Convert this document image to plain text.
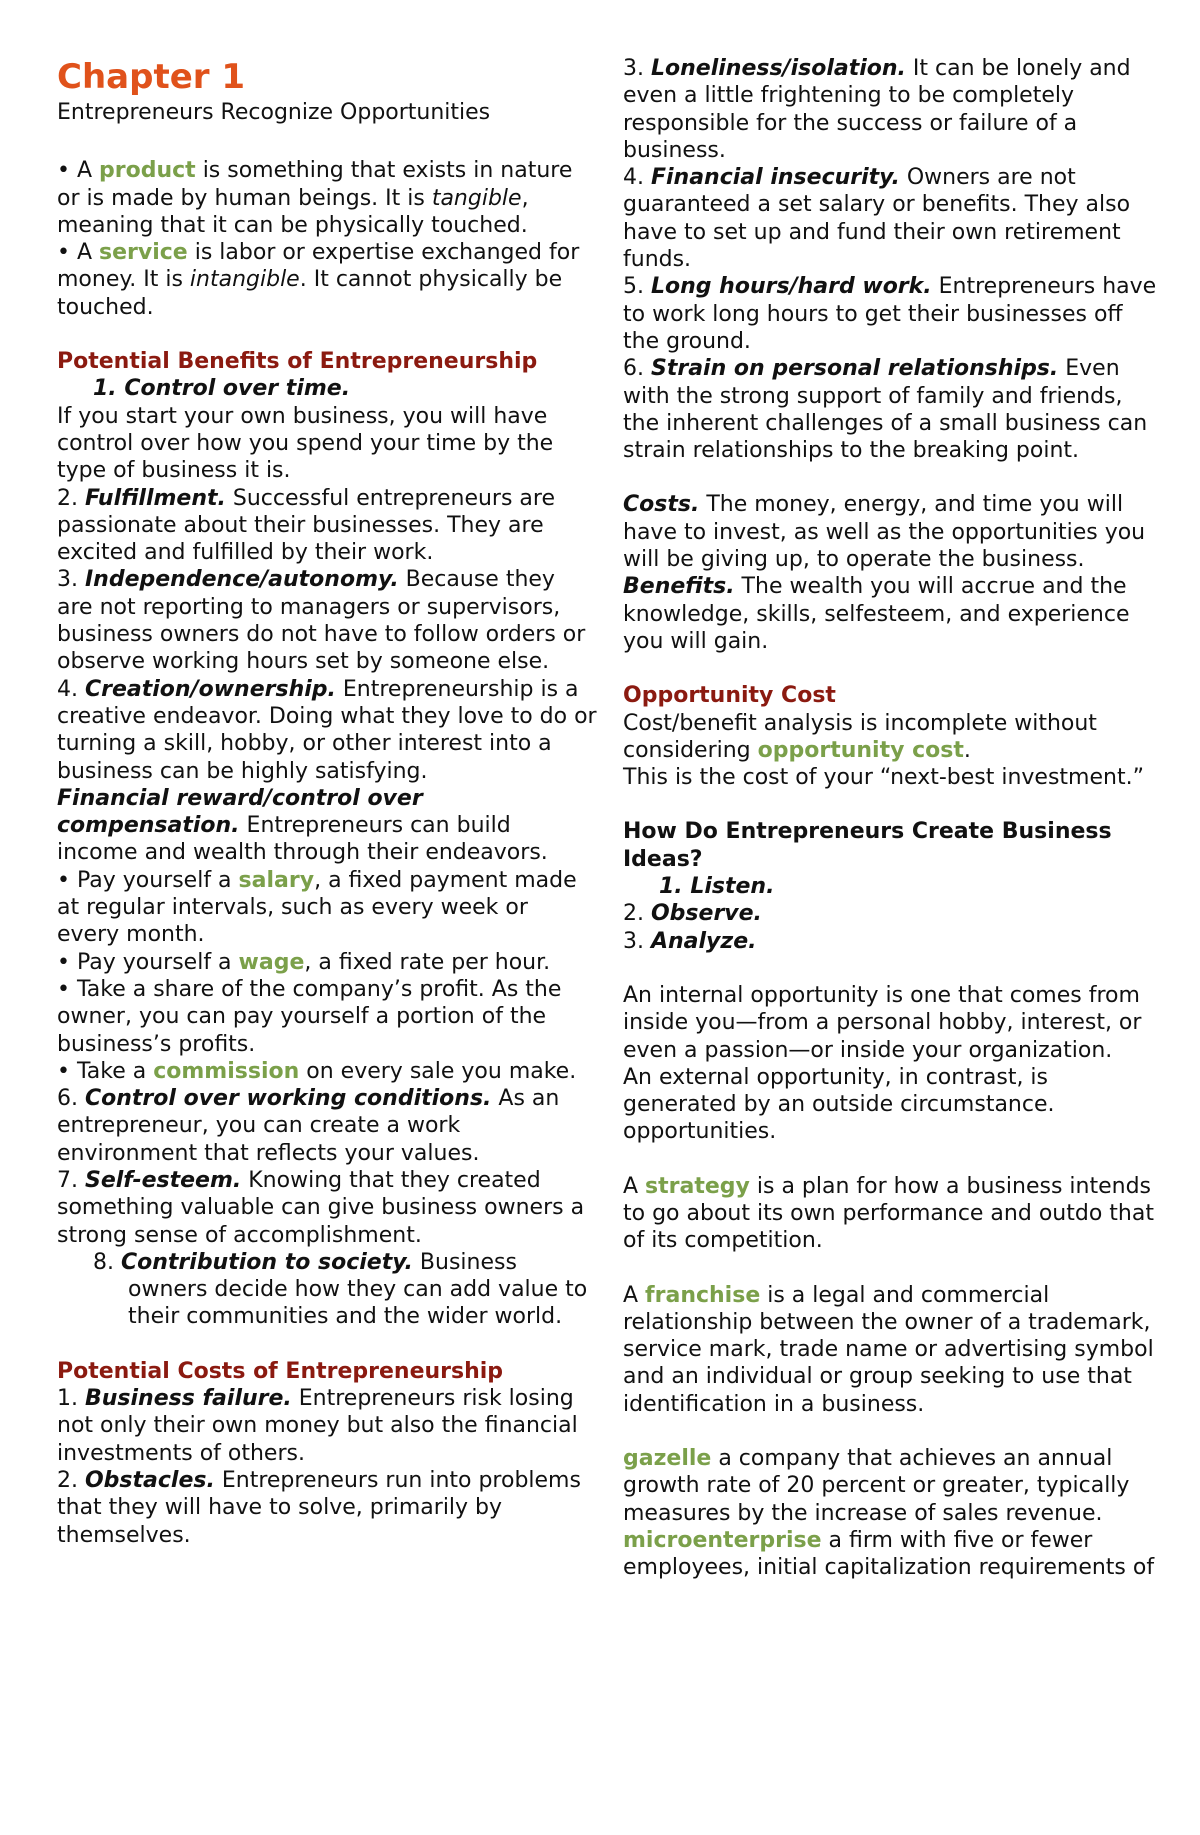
Chapter 1

Entrepreneurs Recognize Opportunities

• A product is something that exists in nature or is made by human beings. It is tangible, meaning that it can be physically touched.

• A service is labor or expertise exchanged for money. It is intangible. It cannot physically be touched.

Potential Benefits of Entrepreneurship

1. Control over time.

If you start your own business, you will have control over how you spend your time by the

type of business it is.

2. Fulfillment. Successful entrepreneurs are passionate about their businesses. They are excited and fulfilled by their work.

3. Independence/autonomy. Because they are not reporting to managers or supervisors, business owners do not have to follow orders or observe working hours set by someone else.

4. Creation/ownership. Entrepreneurship is a creative endeavor. Doing what they love to do or turning a skill, hobby, or other interest into a

business can be highly satisfying.

Financial reward/control over compensation. Entrepreneurs can build income and wealth through their endeavors.

• Pay yourself a salary, a fixed payment made at regular intervals, such as every week or every month.

• Pay yourself a wage, a fixed rate per hour.

• Take a share of the company’s profit. As the owner, you can pay yourself a portion of the business’s profits.

• Take a commission on every sale you make.

6. Control over working conditions. As an entrepreneur, you can create a work environment that reflects your values.

7. Self-esteem. Knowing that they created something valuable can give business owners a strong sense of accomplishment.

8. Contribution to society. Business owners decide how they can add value to their communities and the wider world.

Potential Costs of Entrepreneurship

1. Business failure. Entrepreneurs risk losing not only their own money but also the financial investments of others.

2. Obstacles. Entrepreneurs run into problems that they will have to solve, primarily by themselves.

3. Loneliness/isolation. It can be lonely and even a little frightening to be completely responsible for the success or failure of a business.

4. Financial insecurity. Owners are not guaranteed a set salary or benefits. They also have to set up and fund their own retirement funds.

5. Long hours/hard work. Entrepreneurs have to work long hours to get their businesses off the ground.

6. Strain on personal relationships. Even with the strong support of family and friends, the inherent challenges of a small business can strain relationships to the breaking point.

Costs. The money, energy, and time you will have to invest, as well as the opportunities you will be giving up, to operate the business.

Benefits. The wealth you will accrue and the knowledge, skills, selfesteem, and experience you will gain.

Opportunity Cost

Cost/benefit analysis is incomplete without considering opportunity cost.

This is the cost of your “next-best investment.”

How Do Entrepreneurs Create Business Ideas?

1. Listen.

2. Observe.

3. Analyze.

An internal opportunity is one that comes from inside you—from a personal hobby, interest, or even a passion—or inside your organization.

An external opportunity, in contrast, is generated by an outside circumstance.

opportunities.

A strategy is a plan for how a business intends to go about its own performance and outdo that of its competition.

A franchise is a legal and commercial relationship between the owner of a trademark, service mark, trade name or advertising symbol and an individual or group seeking to use that identification in a business.

gazelle a company that achieves an annual growth rate of 20 percent or greater, typically measures by the increase of sales revenue.

microenterprise a firm with five or fewer employees, initial capitalization requirements of
